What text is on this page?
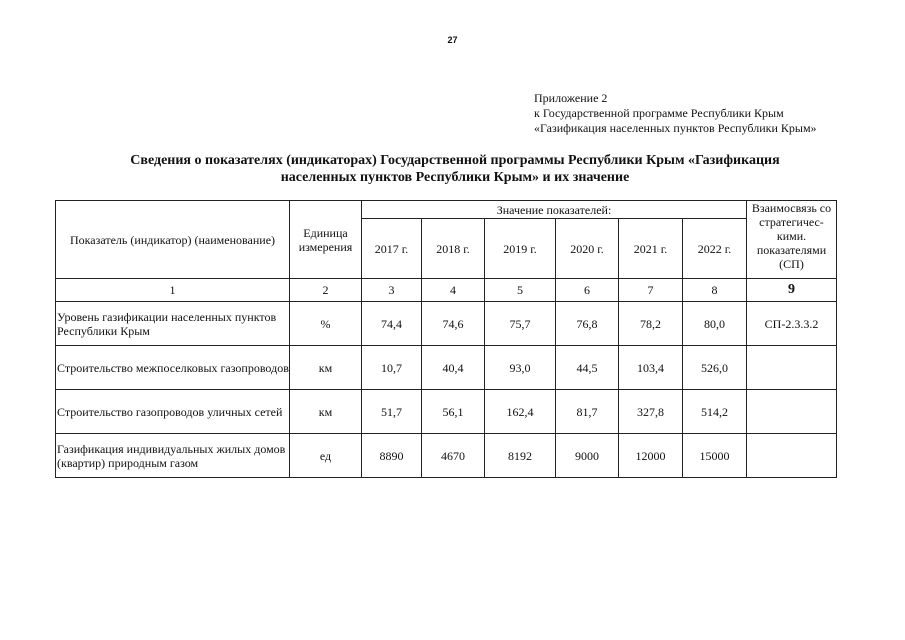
27
Приложение 2
к Государственной программе Республики Крым
«Газификация населенных пунктов Республики Крым»
Сведения о показателях (индикаторах) Государственной программы Республики Крым «Газификация
населенных пунктов Республики Крым» и их значение
Показатель (индикатор) (наименование)	Единица измерения	Значение показателей:						Взаимосвязь со стратегичес- кими. показателями (СП)
		2017 г.	2018 г.	2019 г.	2020 г.	2021 г.	2022 г.	
1	2	3	4	5	6	7	8	9
Уровень газификации населенных пунктов Республики Крым	%	74,4	74,6	75,7	76,8	78,2	80,0	СП-2.3.3.2
Строительство межпоселковых газопроводов	км	10,7	40,4	93,0	44,5	103,4	526,0	
Строительство газопроводов уличных сетей	км	51,7	56,1	162,4	81,7	327,8	514,2	
Газификация индивидуальных жилых домов (квартир) природным газом	ед	8890	4670	8192	9000	12000	15000	
